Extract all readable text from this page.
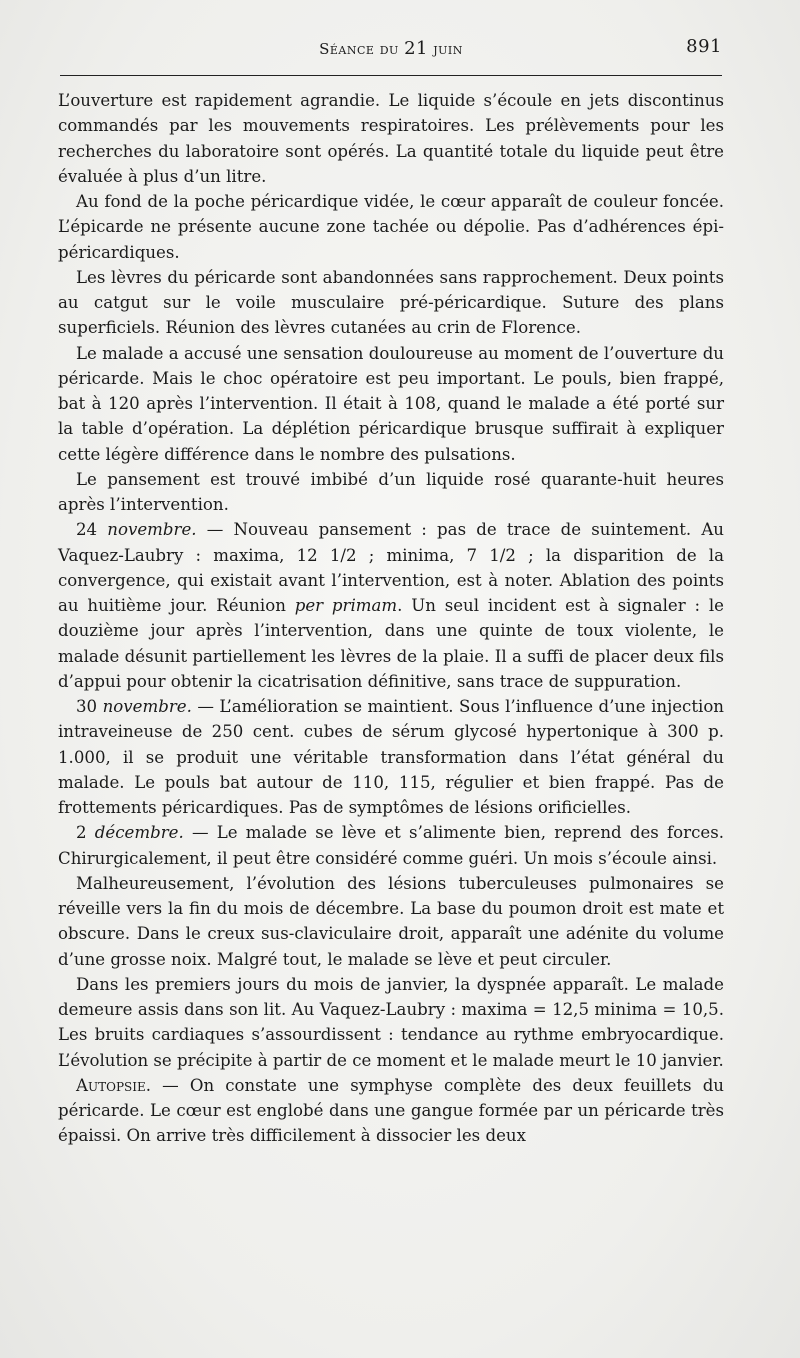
Séance du 21 juin	891

L’ouverture est rapidement agrandie. Le liquide s’écoule en jets discontinus commandés par les mouvements respiratoires. Les prélèvements pour les recherches du laboratoire sont opérés. La quantité totale du liquide peut être évaluée à plus d’un litre.

Au fond de la poche péricardique vidée, le cœur apparaît de couleur foncée. L’épicarde ne présente aucune zone tachée ou dépolie. Pas d’adhérences épi-péricardiques.

Les lèvres du péricarde sont abandonnées sans rapprochement. Deux points au catgut sur le voile musculaire pré-péricardique. Suture des plans superficiels. Réunion des lèvres cutanées au crin de Florence.

Le malade a accusé une sensation douloureuse au moment de l’ouverture du péricarde. Mais le choc opératoire est peu important. Le pouls, bien frappé, bat à 120 après l’intervention. Il était à 108, quand le malade a été porté sur la table d’opération. La déplétion péricardique brusque suffirait à expliquer cette légère différence dans le nombre des pulsations.

Le pansement est trouvé imbibé d’un liquide rosé quarante-huit heures après l’intervention.

24 novembre. — Nouveau pansement : pas de trace de suintement. Au Vaquez-Laubry : maxima, 12 1/2 ; minima, 7 1/2 ; la disparition de la convergence, qui existait avant l’intervention, est à noter. Ablation des points au huitième jour. Réunion per primam. Un seul incident est à signaler : le douzième jour après l’intervention, dans une quinte de toux violente, le malade désunit partiellement les lèvres de la plaie. Il a suffi de placer deux fils d’appui pour obtenir la cicatrisation définitive, sans trace de suppuration.

30 novembre. — L’amélioration se maintient. Sous l’influence d’une injection intraveineuse de 250 cent. cubes de sérum glycosé hypertonique à 300 p. 1.000, il se produit une véritable transformation dans l’état général du malade. Le pouls bat autour de 110, 115, régulier et bien frappé. Pas de frottements péricardiques. Pas de symptômes de lésions orificielles.

2 décembre. — Le malade se lève et s’alimente bien, reprend des forces. Chirurgicalement, il peut être considéré comme guéri. Un mois s’écoule ainsi.

Malheureusement, l’évolution des lésions tuberculeuses pulmonaires se réveille vers la fin du mois de décembre. La base du poumon droit est mate et obscure. Dans le creux sus-claviculaire droit, apparaît une adénite du volume d’une grosse noix. Malgré tout, le malade se lève et peut circuler.

Dans les premiers jours du mois de janvier, la dyspnée apparaît. Le malade demeure assis dans son lit. Au Vaquez-Laubry : maxima = 12,5 minima = 10,5. Les bruits cardiaques s’assourdissent : tendance au rythme embryocardique. L’évolution se précipite à partir de ce moment et le malade meurt le 10 janvier.

Autopsie. — On constate une symphyse complète des deux feuillets du péricarde. Le cœur est englobé dans une gangue formée par un péricarde très épaissi. On arrive très difficilement à dissocier les deux
